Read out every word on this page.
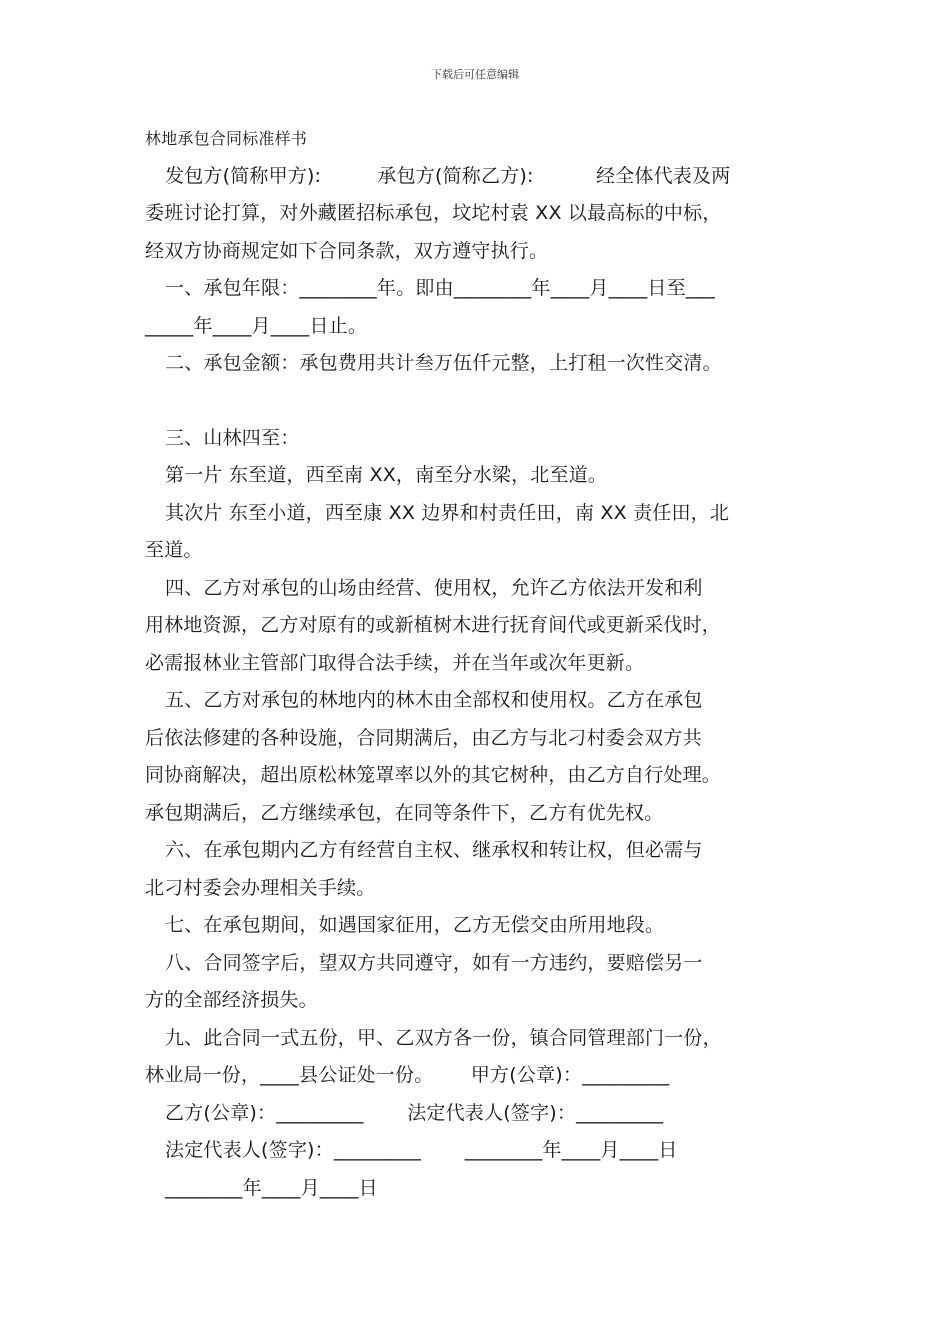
下载后可任意编辑
林地承包合同标准样书
发包方(简称甲方):         承包方(简称乙方):          经全体代表及两
委班讨论打算，对外藏匿招标承包，坟坨村袁 XX 以最高标的中标，
经双方协商规定如下合同条款，双方遵守执行。
一、承包年限：________年。即由________年____月____日至___
_____年____月____日止。
二、承包金额：承包费用共计叁万伍仟元整，上打租一次性交清。
三、山林四至：
第一片 东至道，西至南 XX，南至分水梁，北至道。
其次片 东至小道，西至康 XX 边界和村责任田，南 XX 责任田，北
至道。
四、乙方对承包的山场由经营、使用权，允许乙方依法开发和利
用林地资源，乙方对原有的或新植树木进行抚育间代或更新采伐时，
必需报林业主管部门取得合法手续，并在当年或次年更新。
五、乙方对承包的林地内的林木由全部权和使用权。乙方在承包
后依法修建的各种设施，合同期满后，由乙方与北刁村委会双方共
同协商解决，超出原松林笼罩率以外的其它树种，由乙方自行处理。
承包期满后，乙方继续承包，在同等条件下，乙方有优先权。
六、在承包期内乙方有经营自主权、继承权和转让权，但必需与
北刁村委会办理相关手续。
七、在承包期间，如遇国家征用，乙方无偿交由所用地段。
八、合同签字后，望双方共同遵守，如有一方违约，要赔偿另一
方的全部经济损失。
九、此合同一式五份，甲、乙双方各一份，镇合同管理部门一份，
林业局一份，____县公证处一份。      甲方(公章)：_________
乙方(公章)：_________       法定代表人(签字)：_________
法定代表人(签字)：_________       ________年____月____日
________年____月____日
